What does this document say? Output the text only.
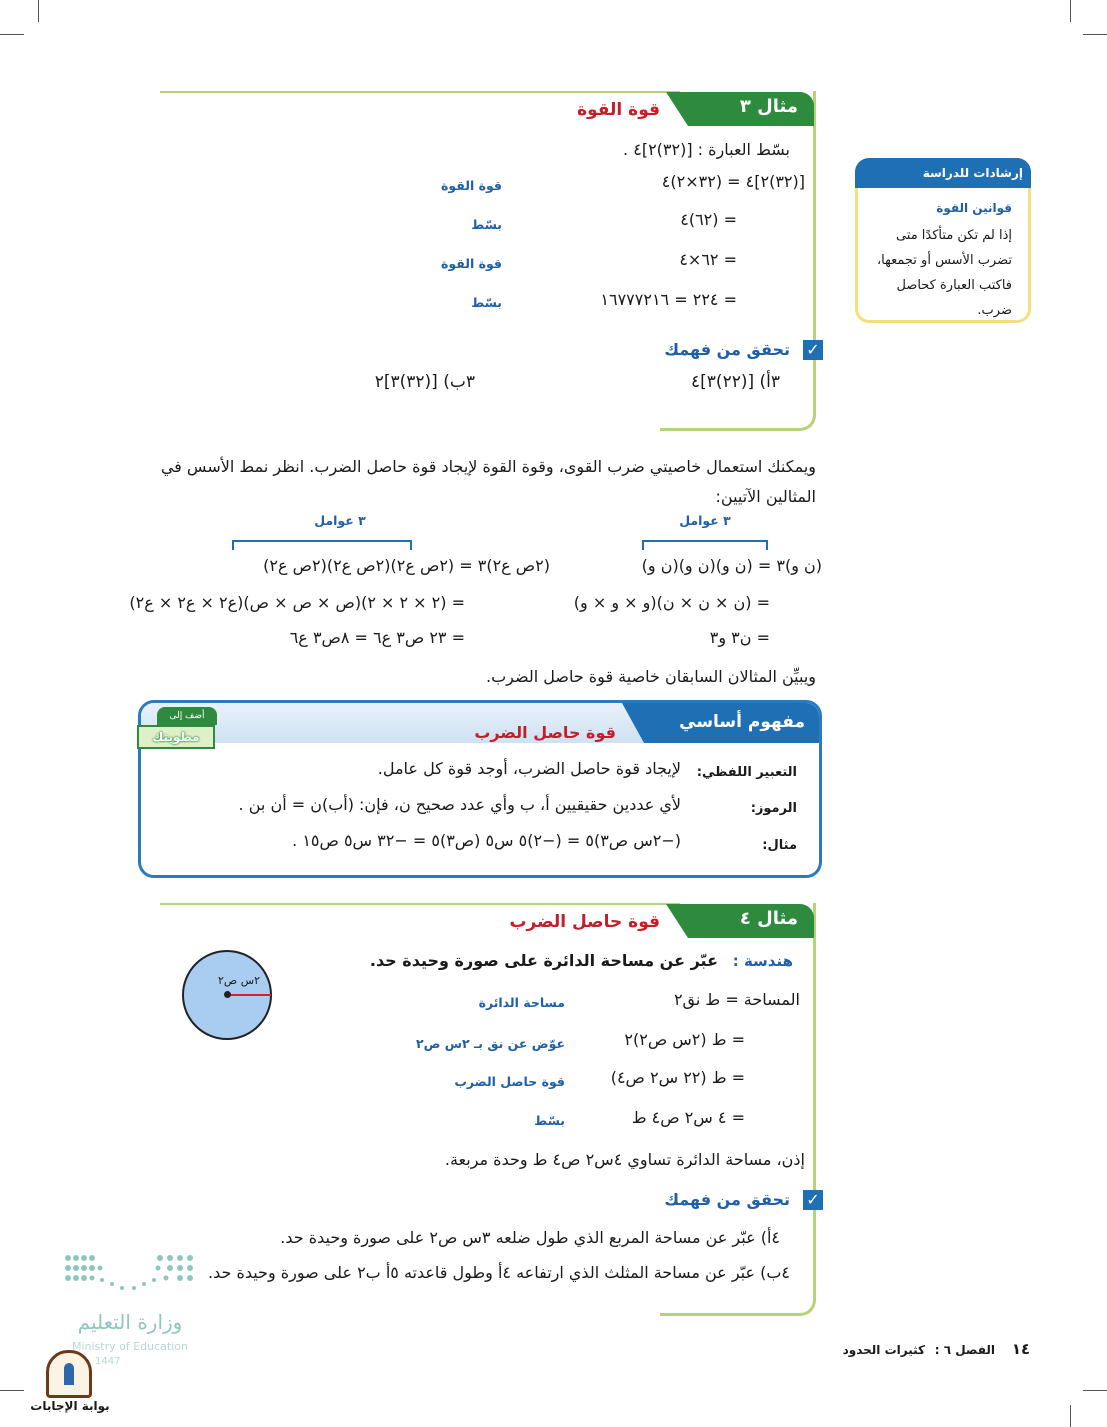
مثال ٣
قوة القوة
بسّط العبارة : [(٣٢)٢]٤ .
[(٣٢)٢]٤ = (٣٢×٢)٤
قوة القوة
= (٦٢)٤
بسّط
= ٦٢×٤
قوة القوة
= ٢٢٤ = ١٦٧٧٧٢١٦
بسّط
✓
تحقق من فهمك
٣أ) [(٢٢)٣]٤
٣ب) [(٣٢)٣]٢
إرشادات للدراسة
قوانين القوة
إذا لم تكن متأكدًا متى تضرب الأسس أو تجمعها، فاكتب العبارة كحاصل ضرب.
ويمكنك استعمال خاصيتي ضرب القوى، وقوة القوة لإيجاد قوة حاصل الضرب. انظر نمط الأسس في المثالين الآتيين:
٣ عوامل
(ن و)٣ = (ن و)(ن و)(ن و)
= (ن × ن × ن)(و × و × و)
= ن٣ و٣
٣ عوامل
(٢ص ع٢)٣ = (٢ص ع٢)(٢ص ع٢)(٢ص ع٢)
= (٢ × ٢ × ٢)(ص × ص × ص)(ع٢ × ع٢ × ع٢)
= ٢٣ ص٣ ع٦ = ٨ص٣ ع٦
ويبيِّن المثالان السابقان خاصية قوة حاصل الضرب.
مفهوم أساسي
قوة حاصل الضرب
أضف إلى
مطويتك
التعبير اللفظي:
لإيجاد قوة حاصل الضرب، أوجد قوة كل عامل.
الرموز:
لأي عددين حقيقيين أ، ب وأي عدد صحيح ن، فإن: (أب)ن = أن بن .
مثال:
(−٢س ص٣)٥ = (−٢)٥ س٥ (ص٣)٥ = −٣٢ س٥ ص١٥ .
مثال ٤
قوة حاصل الضرب
هندسة :
عبّر عن مساحة الدائرة على صورة وحيدة حد.
٢س ص٢
المساحة = ط نق٢
مساحة الدائرة
= ط (٢س ص٢)٢
عوّض عن نق بـ ٢س ص٢
= ط (٢٢ س٢ ص٤)
قوة حاصل الضرب
= ٤ س٢ ص٤ ط
بسّط
إذن، مساحة الدائرة تساوي ٤س٢ ص٤ ط وحدة مربعة.
✓
تحقق من فهمك
٤أ) عبّر عن مساحة المربع الذي طول ضلعه ٣س ص٢ على صورة وحيدة حد.
٤ب) عبّر عن مساحة المثلث الذي ارتفاعه ٤أ وطول قاعدته ٥أ ب٢ على صورة وحيدة حد.
وزارة التعليم
Ministry of Education
1447
بوابة الإجابات
١٤
الفصل ٦ :
كثيرات الحدود
